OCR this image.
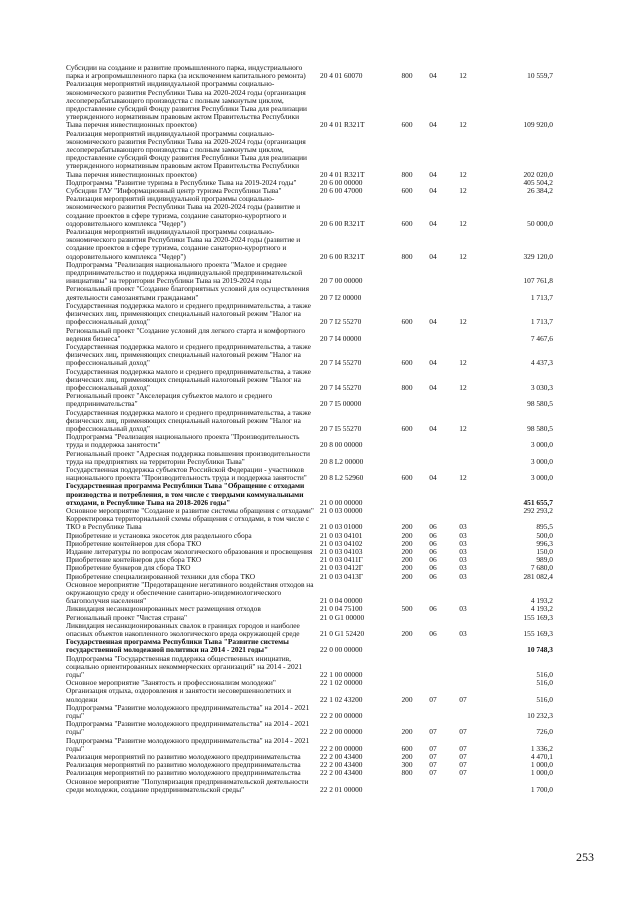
Субсидии на создание и развитие промышленного парка, индустриального парка и агропромышленного парка (за исключением капитального ремонта)	20 4 01 60070	800	04	12	10 559,7
Реализация мероприятий индивидуальной программы социально-экономического развития Республики Тыва на 2020-2024 годы (организация лесоперерабатывающего производства с полным замкнутым циклом, предоставление субсидий Фонду развития Республики Тыва для реализации утвержденного нормативным правовым актом Правительства Республики Тыва перечня инвестиционных проектов)	20 4 01 R321T	600	04	12	109 920,0
Реализация мероприятий индивидуальной программы социально-экономического развития Республики Тыва на 2020-2024 годы (организация лесоперерабатывающего производства с полным замкнутым циклом, предоставление субсидий Фонду развития Республики Тыва для реализации утвержденного нормативным правовым актом Правительства Республики Тыва перечня инвестиционных проектов)	20 4 01 R321T	800	04	12	202 020,0
Подпрограмма "Развитие туризма в Республике Тыва на 2019-2024 годы"	20 6 00 00000	405 504,2
Субсидии ГАУ "Информационный центр туризма Республики Тыва"	20 6 00 47000	600	04	12	26 384,2
Реализация мероприятий индивидуальной программы социально-экономического развития Республики Тыва на 2020-2024 годы (развитие и создание проектов в сфере туризма, создание санаторно-курортного и оздоровительного комплекса "Чедер")	20 6 00 R321T	600	04	12	50 000,0
Реализация мероприятий индивидуальной программы социально-экономического развития Республики Тыва на 2020-2024 годы (развитие и создание проектов в сфере туризма, создание санаторно-курортного и оздоровительного комплекса "Чедер")	20 6 00 R321T	800	04	12	329 120,0
Подпрограмма "Реализация национального проекта "Малое и среднее предпринимательство и поддержка индивидуальной предпринимательской инициативы" на территории Республики Тыва на 2019-2024 годы	20 7 00 00000	107 761,8
Региональный проект "Создание благоприятных условий для осуществления деятельности самозанятыми гражданами"	20 7 I2 00000	1 713,7
Государственная поддержка малого и среднего предпринимательства, а также физических лиц, применяющих специальный налоговый режим "Налог на профессиональный доход"	20 7 I2 55270	600	04	12	1 713,7
Региональный проект "Создание условий для легкого старта и комфортного ведения бизнеса"	20 7 I4 00000	7 467,6
Государственная поддержка малого и среднего предпринимательства, а также физических лиц, применяющих специальный налоговый режим "Налог на профессиональный доход"	20 7 I4 55270	600	04	12	4 437,3
Государственная поддержка малого и среднего предпринимательства, а также физических лиц, применяющих специальный налоговый режим "Налог на профессиональный доход"	20 7 I4 55270	800	04	12	3 030,3
Региональный проект "Акселерация субъектов малого и среднего предпринимательства"	20 7 I5 00000	98 580,5
Государственная поддержка малого и среднего предпринимательства, а также физических лиц, применяющих специальный налоговый режим "Налог на профессиональный доход"	20 7 I5 55270	600	04	12	98 580,5
Подпрограмма "Реализация национального проекта "Производительность труда и поддержка занятости"	20 8 00 00000	3 000,0
Региональный проект "Адресная поддержка повышения производительности труда на предприятиях на территории Республики Тыва"	20 8 L2 00000	3 000,0
Государственная поддержка субъектов Российской Федерации - участников национального проекта "Производительность труда и поддержка занятости"	20 8 L2 52960	600	04	12	3 000,0
Государственная программа Республики Тыва "Обращение с отходами производства и потребления, в том числе с твердыми коммунальными отходами, в Республике Тыва на 2018-2026 годы"	21 0 00 00000	451 655,7
Основное мероприятие "Создание и развитие системы обращения с отходами" 21 0 03 00000	292 293,2
Корректировка территориальной схемы обращения с отходами, в том числе с ТКО в Республике Тыва	21 0 03 01000	200	06	03	895,5
Приобретение и установка экосеток для раздельного сбора	21 0 03 04101	200	06	03	500,0
Приобретение контейнеров для сбора ТКО	21 0 03 04102	200	06	03	996,3
Издание литературы по вопросам экологического образования и просвещения	21 0 03 04103	200	06	03	150,0
Приобретение контейнеров для сбора ТКО	21 0 03 0411Г	200	06	03	989,0
Приобретение бункеров для сбора ТКО	21 0 03 0412Г	200	06	03	7 680,0
Приобретение специализированной техники для сбора ТКО	21 0 03 0413Г	200	06	03	281 082,4
Основное мероприятие "Предотвращение негативного воздействия отходов на окружающую среду и обеспечение санитарно-эпидемиологического благополучия населения"	21 0 04 00000	4 193,2
Ликвидация несанкционированных мест размещения отходов	21 0 04 75100	500	06	03	4 193,2
Региональный проект "Чистая страна"	21 0 G1 00000	155 169,3
Ликвидация несанкционированных свалок в границах городов и наиболее опасных объектов накопленного экологического вреда окружающей среде	21 0 G1 52420	200	06	03	155 169,3
Государственная программа Республики Тыва "Развитие системы государственной молодежной политики на 2014 - 2021 годы"	22 0 00 00000	10 748,3
Подпрограмма "Государственная поддержка общественных инициатив, социально ориентированных некоммерческих организаций" на 2014 - 2021 годы"	22 1 00 00000	516,0
Основное мероприятие "Занятость и профессионализм молодежи"	22 1 02 00000	516,0
Организация отдыха, оздоровления и занятости несовершеннолетних и молодежи	22 1 02 43200	200	07	07	516,0
Подпрограмма "Развитие молодежного предпринимательства" на 2014 - 2021 годы"	22 2 00 00000	10 232,3
Подпрограмма "Развитие молодежного предпринимательства" на 2014 - 2021 годы"	22 2 00 00000	200	07	07	726,0
Подпрограмма "Развитие молодежного предпринимательства" на 2014 - 2021 годы"	22 2 00 00000	600	07	07	1 336,2
Реализация мероприятий по развитию молодежного предпринимательства	22 2 00 43400	200	07	07	4 470,1
Реализация мероприятий по развитию молодежного предпринимательства	22 2 00 43400	300	07	07	1 000,0
Реализация мероприятий по развитию молодежного предпринимательства	22 2 00 43400	800	07	07	1 000,0
Основное мероприятие "Популяризация предпринимательской деятельности среди молодежи, создание предпринимательской среды"	22 2 01 00000	1 700,0
253
